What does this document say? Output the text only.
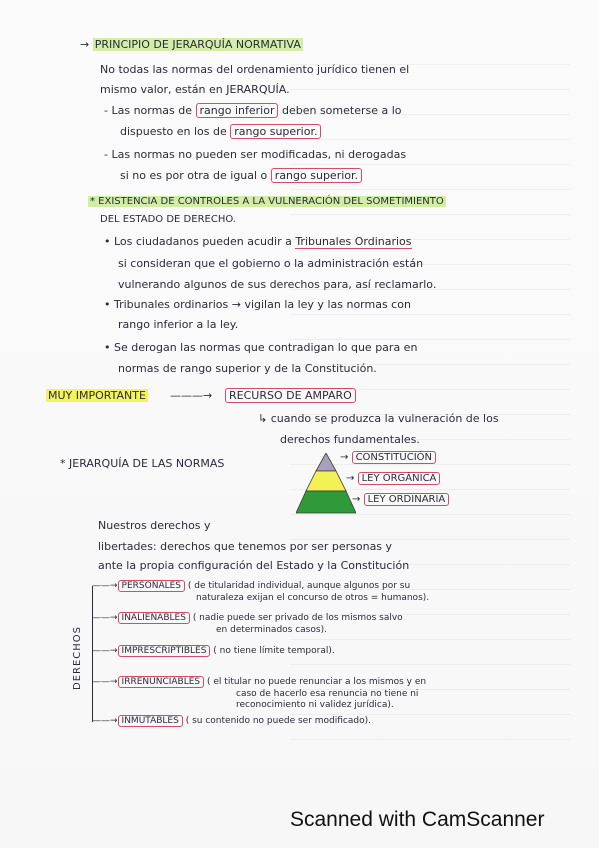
→ PRINCIPIO DE JERARQUÍA NORMATIVA
No todas las normas del ordenamiento jurídico tienen el
mismo valor, están en JERARQUÍA.
- Las normas de rango inferior deben someterse a lo
dispuesto en los de rango superior.
- Las normas no pueden ser modificadas, ni derogadas
si no es por otra de igual o rango superior.
* EXISTENCIA DE CONTROLES A LA VULNERACIÓN DEL SOMETIMIENTO
DEL ESTADO DE DERECHO.
• Los ciudadanos pueden acudir a Tribunales Ordinarios
si consideran que el gobierno o la administración están
vulnerando algunos de sus derechos para, así reclamarlo.
• Tribunales ordinarios → vigilan la ley y las normas con
rango inferior a la ley.
• Se derogan las normas que contradigan lo que para en
normas de rango superior y de la Constitución.
MUY IMPORTANTE ———→	RECURSO DE AMPARO
↳ cuando se produzca la vulneración de los
derechos fundamentales.
* JERARQUÍA DE LAS NORMAS	→ CONSTITUCIÓN
→ LEY ORGÁNICA
→ LEY ORDINARIA
Nuestros derechos y
libertades: derechos que tenemos por ser personas y
ante la propia configuración del Estado y la Constitución
DERECHOS
——→ PERSONALES ( de titularidad individual, aunque algunos por su
naturaleza exijan el concurso de otros = humanos).
——→ INALIENABLES ( nadie puede ser privado de los mismos salvo
en determinados casos).
——→ IMPRESCRIPTIBLES ( no tiene límite temporal).
——→ IRRENUNCIABLES ( el titular no puede renunciar a los mismos y en
caso de hacerlo esa renuncia no tiene ni
reconocimiento ni validez jurídica).
——→ INMUTABLES ( su contenido no puede ser modificado).
Scanned with CamScanner
